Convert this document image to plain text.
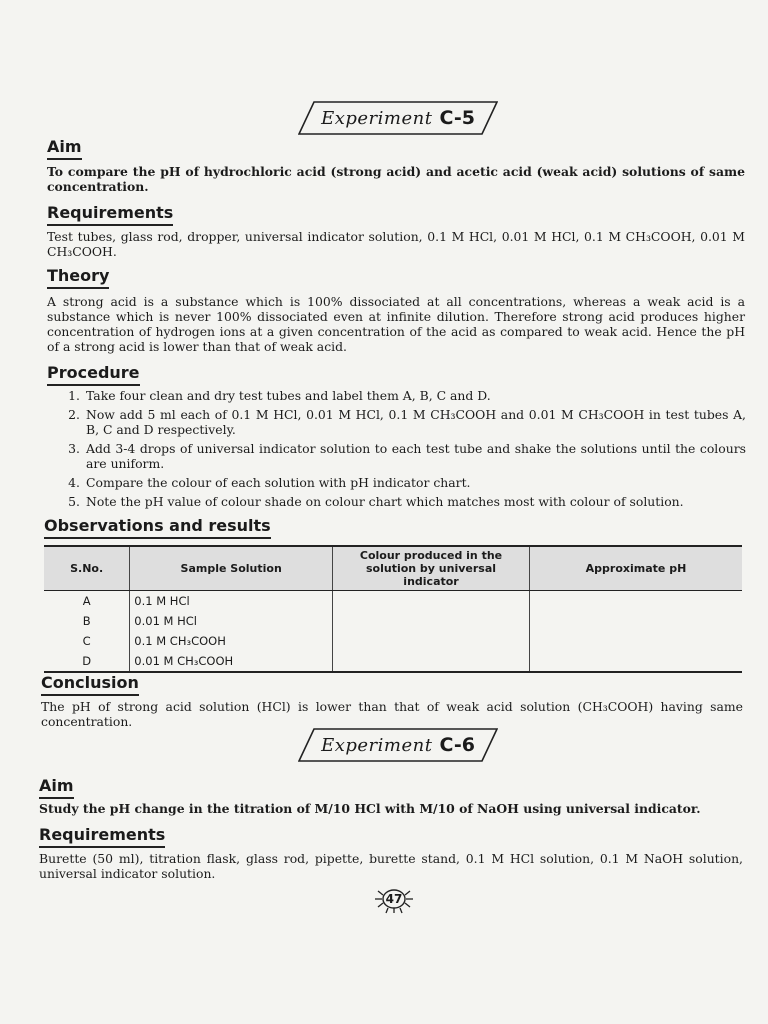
Experiment C-5
Aim

To compare the pH of hydrochloric acid (strong acid) and acetic acid (weak acid) solutions of same concentration.

Requirements

Test tubes, glass rod, dropper, universal indicator solution, 0.1 M HCl, 0.01 M HCl, 0.1 M CH₃COOH, 0.01 M CH₃COOH.

Theory

A strong acid is a substance which is 100% dissociated at all concentrations, whereas a weak acid is a substance which is never 100% dissociated even at infinite dilution. Therefore strong acid produces higher concentration of hydrogen ions at a given concentration of the acid as compared to weak acid. Hence the pH of a strong acid is lower than that of weak acid.

Procedure
1. Take four clean and dry test tubes and label them A, B, C and D.
2. Now add 5 ml each of 0.1 M HCl, 0.01 M HCl, 0.1 M CH₃COOH and 0.01 M CH₃COOH in test tubes A, B, C and D respectively.
3. Add 3-4 drops of universal indicator solution to each test tube and shake the solutions until the colours are uniform.
4. Compare the colour of each solution with pH indicator chart.
5. Note the pH value of colour shade on colour chart which matches most with colour of solution.
Observations and results
S.No.	Sample Solution	Colour produced in the solution by universal indicator	Approximate pH
A	0.1 M HCl		
B	0.01 M HCl		
C	0.1 M CH₃COOH		
D	0.01 M CH₃COOH		
Conclusion

The pH of strong acid solution (HCl) is lower than that of weak acid solution (CH₃COOH) having same concentration.

Experiment C-6
Aim

Study the pH change in the titration of M/10 HCl with M/10 of NaOH using universal indicator.

Requirements

Burette (50 ml), titration flask, glass rod, pipette, burette stand, 0.1 M HCl solution, 0.1 M NaOH solution, universal indicator solution.

47
